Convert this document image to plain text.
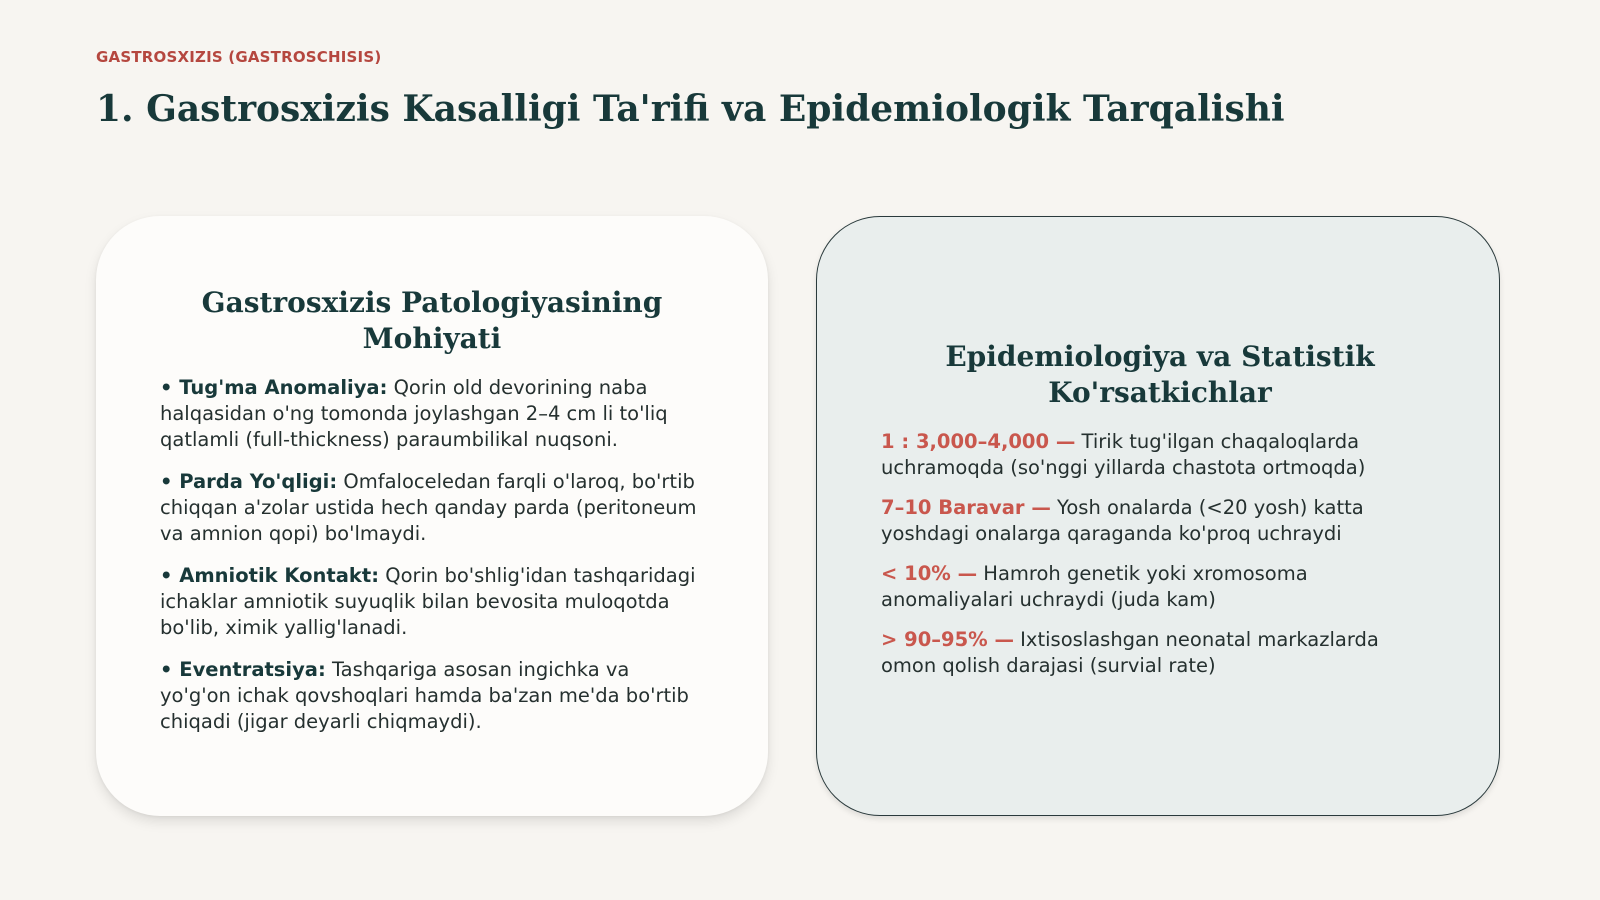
GASTROSXIZIS (GASTROSCHISIS)
1. Gastrosxizis Kasalligi Ta'rifi va Epidemiologik Tarqalishi
Gastrosxizis Patologiyasining Mohiyati

• Tug'ma Anomaliya: Qorin old devorining naba halqasidan o'ng tomonda joylashgan 2–4 cm li to'liq qatlamli (full-thickness) paraumbilikal nuqsoni.

• Parda Yo'qligi: Omfaloceledan farqli o'laroq, bo'rtib chiqqan a'zolar ustida hech qanday parda (peritoneum va amnion qopi) bo'lmaydi.

• Amniotik Kontakt: Qorin bo'shlig'idan tashqaridagi ichaklar amniotik suyuqlik bilan bevosita muloqotda bo'lib, ximik yallig'lanadi.

• Eventratsiya: Tashqariga asosan ingichka va yo'g'on ichak qovshoqlari hamda ba'zan me'da bo'rtib chiqadi (jigar deyarli chiqmaydi).

Epidemiologiya va Statistik Ko'rsatkichlar

1 : 3,000–4,000 — Tirik tug'ilgan chaqaloqlarda uchramoqda (so'nggi yillarda chastota ortmoqda)

7–10 Baravar — Yosh onalarda (<20 yosh) katta yoshdagi onalarga qaraganda ko'proq uchraydi

< 10% — Hamroh genetik yoki xromosoma anomaliyalari uchraydi (juda kam)

> 90–95% — Ixtisoslashgan neonatal markazlarda omon qolish darajasi (survial rate)
